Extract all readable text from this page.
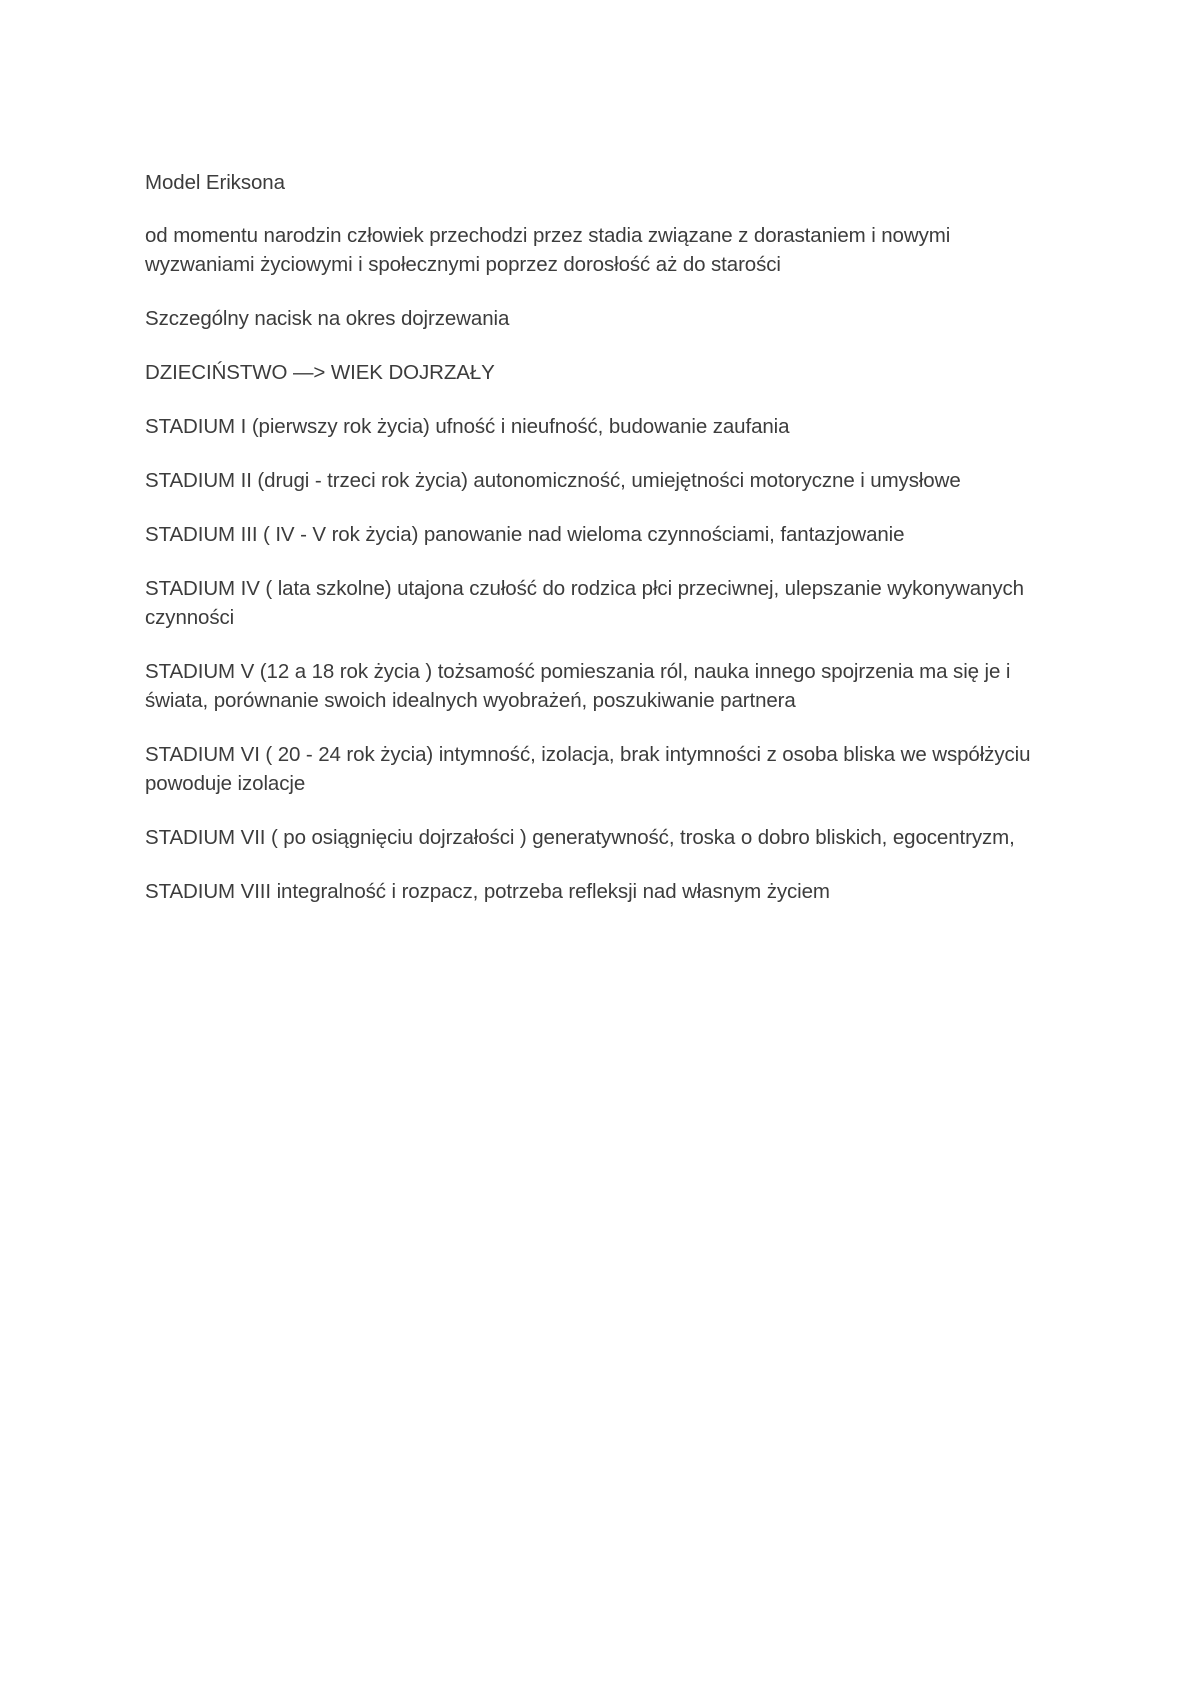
Model Eriksona

od momentu narodzin człowiek przechodzi przez stadia związane z dorastaniem i nowymi wyzwaniami życiowymi i społecznymi poprzez dorosłość aż do starości

Szczególny nacisk na okres dojrzewania

DZIECIŃSTWO —> WIEK DOJRZAŁY

STADIUM I (pierwszy rok życia) ufność i nieufność, budowanie zaufania

STADIUM II (drugi - trzeci rok życia) autonomiczność, umiejętności motoryczne i umysłowe

STADIUM III ( IV - V rok życia) panowanie nad wieloma czynnościami, fantazjowanie

STADIUM IV ( lata szkolne) utajona czułość do rodzica płci przeciwnej, ulepszanie wykonywanych czynności

STADIUM V (12 a 18 rok życia ) tożsamość pomieszania ról, nauka innego spojrzenia ma się je i świata, porównanie swoich idealnych wyobrażeń, poszukiwanie partnera

STADIUM VI ( 20 - 24 rok życia) intymność, izolacja, brak intymności z osoba bliska we współżyciu powoduje izolacje

STADIUM VII ( po osiągnięciu dojrzałości ) generatywność, troska o dobro bliskich, egocentryzm,

STADIUM VIII integralność i rozpacz, potrzeba refleksji nad własnym życiem
